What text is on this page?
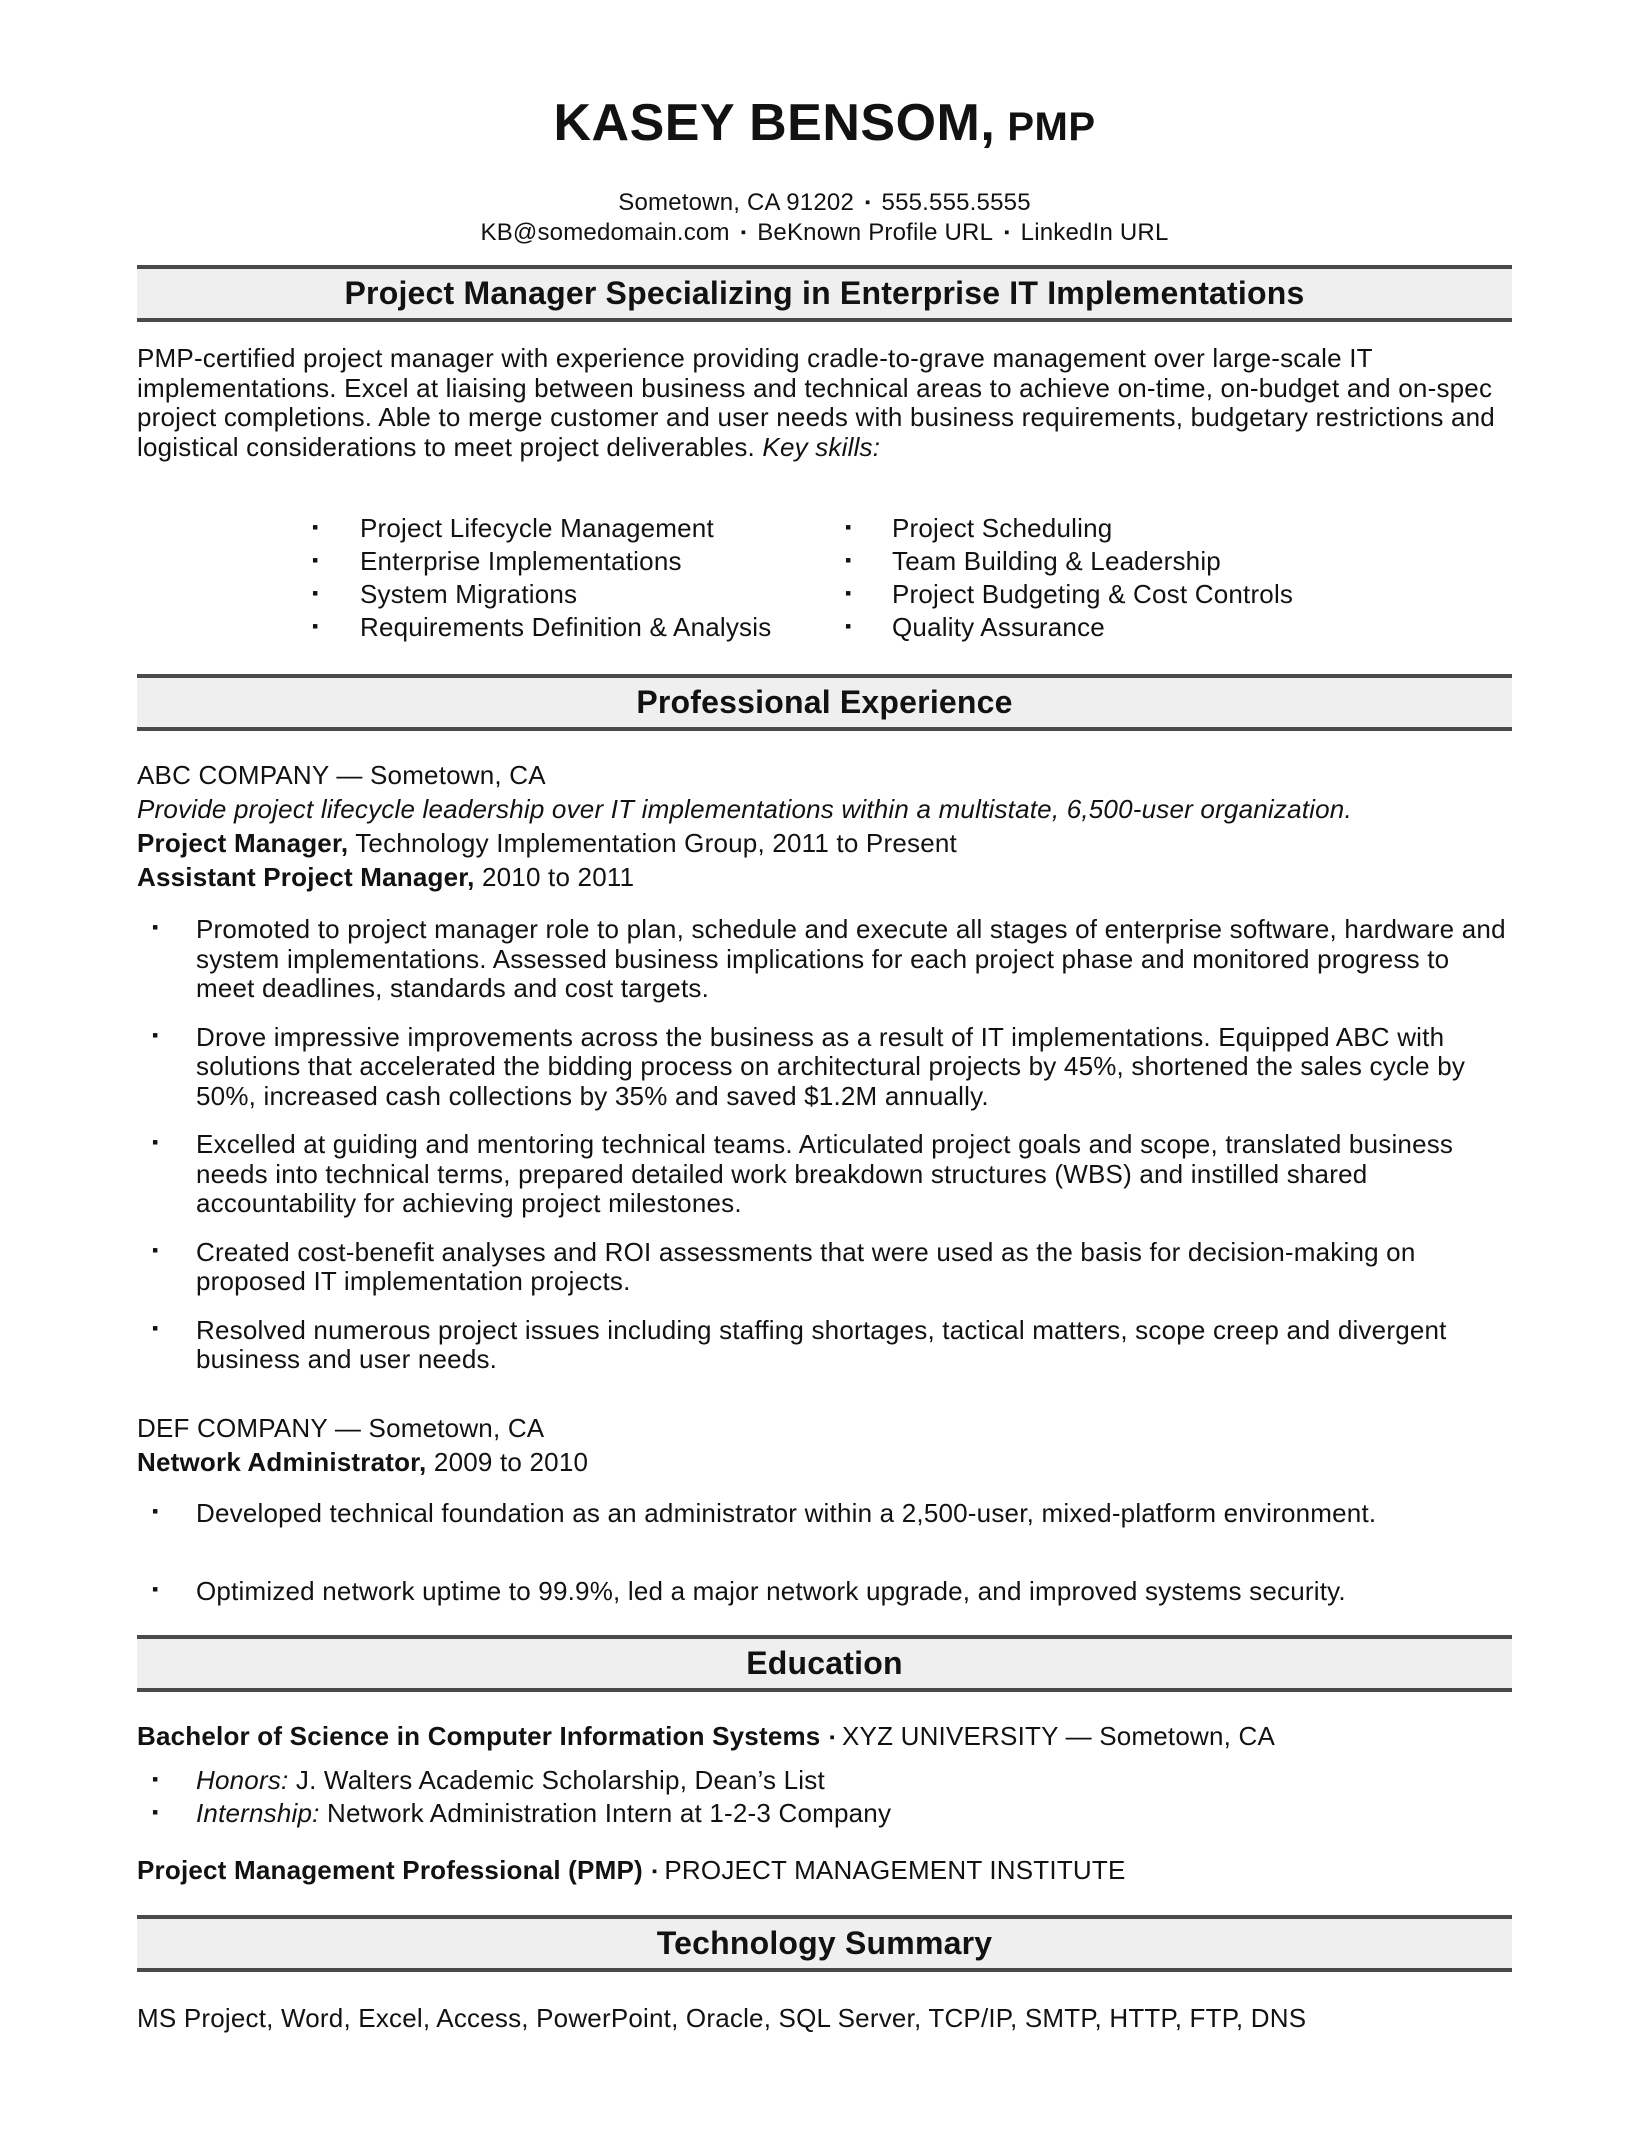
KASEY BENSOM, PMP
Sometown, CA 91202 ▪ 555.555.5555
KB@somedomain.com ▪ BeKnown Profile URL ▪ LinkedIn URL
Project Manager Specializing in Enterprise IT Implementations

PMP-certified project manager with experience providing cradle-to-grave management over large-scale IT implementations. Excel at liaising between business and technical areas to achieve on-time, on-budget and on-spec project completions. Able to merge customer and user needs with business requirements, budgetary restrictions and logistical considerations to meet project deliverables. Key skills:

▪ Project Lifecycle Management
▪ Enterprise Implementations
▪ System Migrations
▪ Requirements Definition & Analysis
▪ Project Scheduling
▪ Team Building & Leadership
▪ Project Budgeting & Cost Controls
▪ Quality Assurance
Professional Experience
ABC COMPANY — Sometown, CA
Provide project lifecycle leadership over IT implementations within a multistate, 6,500-user organization.
Project Manager, Technology Implementation Group, 2011 to Present
Assistant Project Manager, 2010 to 2011
▪ Promoted to project manager role to plan, schedule and execute all stages of enterprise software, hardware and system implementations. Assessed business implications for each project phase and monitored progress to meet deadlines, standards and cost targets.
▪ Drove impressive improvements across the business as a result of IT implementations. Equipped ABC with solutions that accelerated the bidding process on architectural projects by 45%, shortened the sales cycle by 50%, increased cash collections by 35% and saved $1.2M annually.
▪ Excelled at guiding and mentoring technical teams. Articulated project goals and scope, translated business needs into technical terms, prepared detailed work breakdown structures (WBS) and instilled shared accountability for achieving project milestones.
▪ Created cost-benefit analyses and ROI assessments that were used as the basis for decision-making on proposed IT implementation projects.
▪ Resolved numerous project issues including staffing shortages, tactical matters, scope creep and divergent business and user needs.
DEF COMPANY — Sometown, CA
Network Administrator, 2009 to 2010
▪ Developed technical foundation as an administrator within a 2,500-user, mixed-platform environment.
▪ Optimized network uptime to 99.9%, led a major network upgrade, and improved systems security.
Education
Bachelor of Science in Computer Information Systems ▪ XYZ UNIVERSITY — Sometown, CA
▪ Honors: J. Walters Academic Scholarship, Dean’s List
▪ Internship: Network Administration Intern at 1-2-3 Company
Project Management Professional (PMP) ▪ PROJECT MANAGEMENT INSTITUTE
Technology Summary
MS Project, Word, Excel, Access, PowerPoint, Oracle, SQL Server, TCP/IP, SMTP, HTTP, FTP, DNS
